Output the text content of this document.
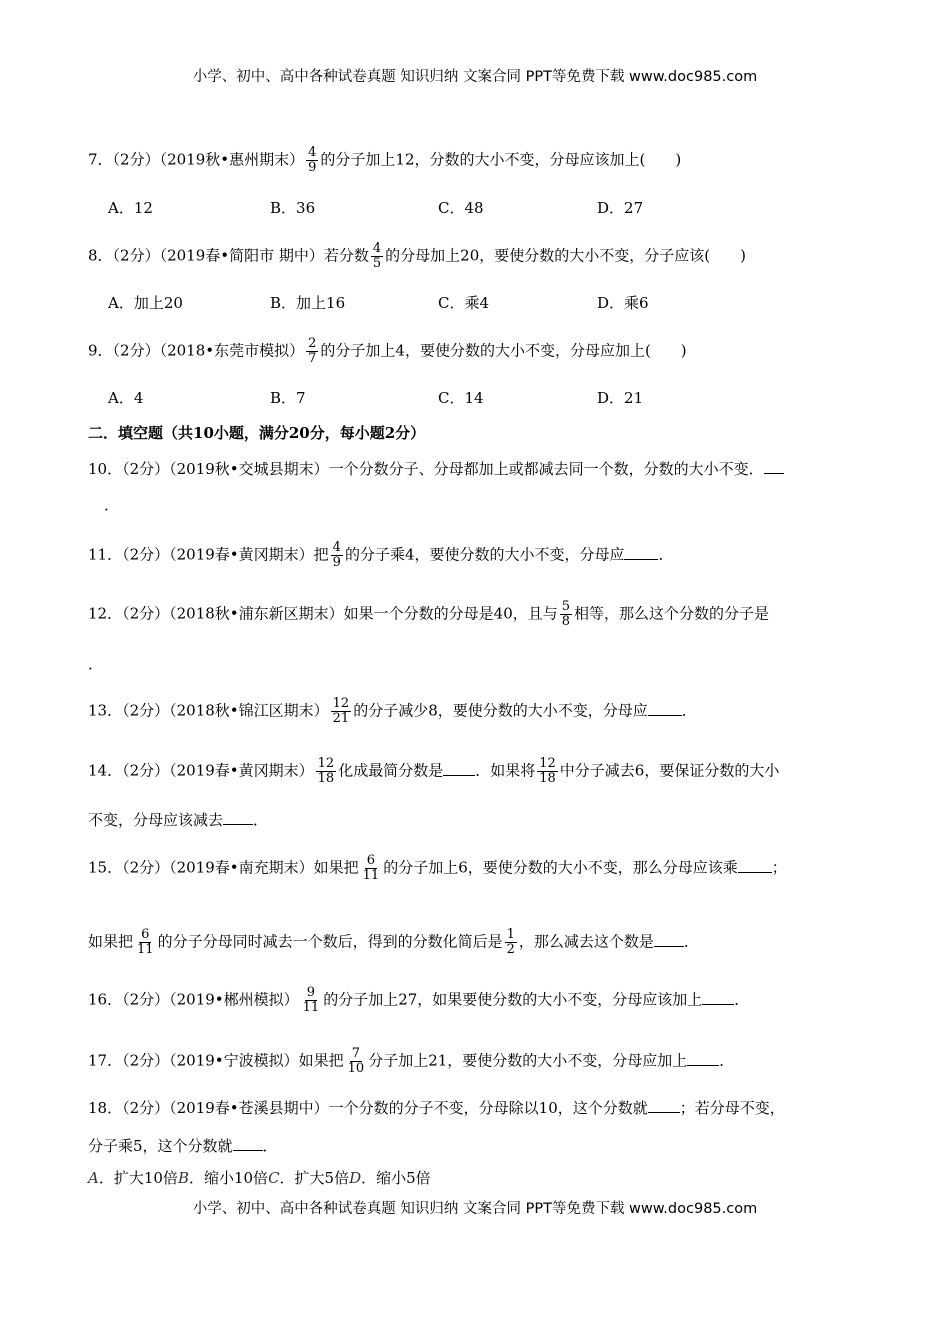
小学、初中、高中各种试卷真题 知识归纳 文案合同 PPT等免费下载 www.doc985.com
7．（2分）（2019秋•惠州期末） $\frac{4}{9}$ 的分子加上12，分数的大小不变，分母应该加上(　　)
A．12	B．36	C．48	D．27
8．（2分）（2019春•简阳市 期中）若分数 $\frac{4}{5}$ 的分母加上20，要使分数的大小不变，分子应该(　　)
A．加上20	B．加上16	C．乘4	D．乘6
9．（2分）（2018•东莞市模拟） $\frac{2}{7}$ 的分子加上4，要使分数的大小不变，分母应加上(　　)
A．4	B．7	C．14	D．21
二．填空题（共10小题，满分20分，每小题2分）
10．（2分）（2019秋•交城县期末）一个分数分子、分母都加上或都减去同一个数，分数的大小不变．
．
11．（2分）（2019春•黄冈期末）把 $\frac{4}{9}$ 的分子乘4，要使分数的大小不变，分母应 ．
12．（2分）（2018秋•浦东新区期末）如果一个分数的分母是40，且与 $\frac{5}{8}$ 相等，那么这个分数的分子是
．
13．（2分）（2018秋•锦江区期末） $\frac{12}{21}$ 的分子减少8，要使分数的大小不变，分母应 ．
14．（2分）（2019春•黄冈期末） $\frac{12}{18}$ 化成最简分数是 ．如果将 $\frac{12}{18}$ 中分子减去6，要保证分数的大小
不变，分母应该减去 ．
15．（2分）（2019春•南充期末）如果把 $\frac{6}{11}$ 的分子加上6，要使分数的大小不变，那么分母应该乘 ；
如果把 $\frac{6}{11}$ 的分子分母同时减去一个数后，得到的分数化简后是 $\frac{1}{2}$ ，那么减去这个数是 ．
16．（2分）（2019•郴州模拟） $\frac{9}{11}$ 的分子加上27，如果要使分数的大小不变，分母应该加上 ．
17．（2分）（2019•宁波模拟）如果把 $\frac{7}{10}$ 分子加上21，要使分数的大小不变，分母应加上 ．
18．（2分）（2019春•苍溪县期中）一个分数的分子不变，分母除以10，这个分数就 ；若分母不变，
分子乘5，这个分数就 ．
A．扩大10倍B．缩小10倍C．扩大5倍D．缩小5倍
小学、初中、高中各种试卷真题 知识归纳 文案合同 PPT等免费下载 www.doc985.com
